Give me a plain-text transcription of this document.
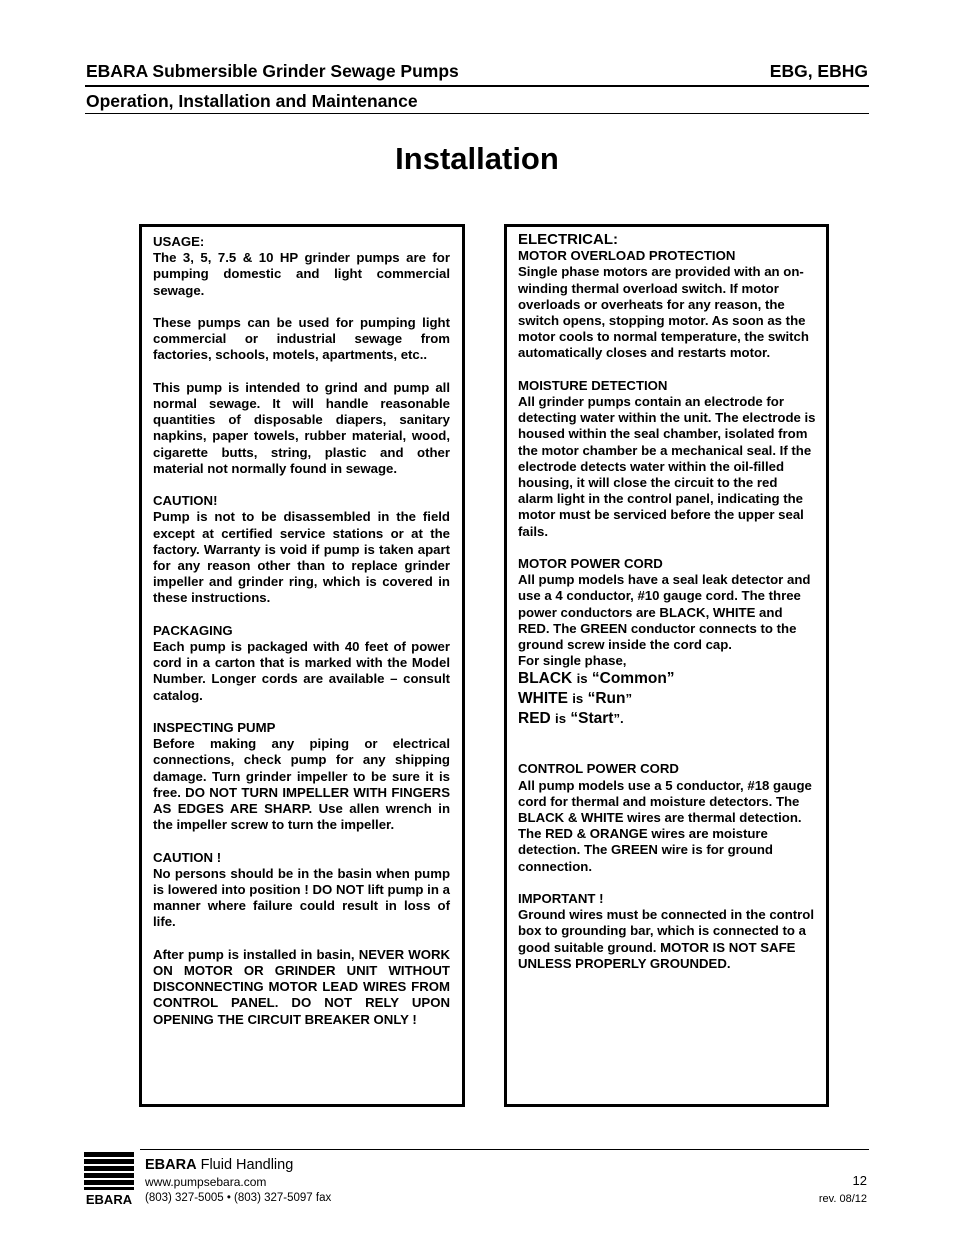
EBARA Submersible Grinder Sewage Pumps	EBG, EBHG
Operation, Installation and Maintenance
Installation

USAGE:
The 3, 5, 7.5 & 10 HP grinder pumps are for pumping domestic and light commercial sewage.

These pumps can be used for pumping light commercial or industrial sewage from factories, schools, motels, apartments, etc..

This pump is intended to grind and pump all normal sewage. It will handle reasonable quantities of disposable diapers, sanitary napkins, paper towels, rubber material, wood, cigarette butts, string, plastic and other material not normally found in sewage.

CAUTION!
Pump is not to be disassembled in the field except at certified service stations or at the factory. Warranty is void if pump is taken apart for any reason other than to replace grinder impeller and grinder ring, which is covered in these instructions.

PACKAGING
Each pump is packaged with 40 feet of power cord in a carton that is marked with the Model Number. Longer cords are available – consult catalog.

INSPECTING PUMP
Before making any piping or electrical connections, check pump for any shipping damage. Turn grinder impeller to be sure it is free. DO NOT TURN IMPELLER WITH FINGERS AS EDGES ARE SHARP. Use allen wrench in the impeller screw to turn the impeller.

CAUTION !
No persons should be in the basin when pump is lowered into position ! DO NOT lift pump in a manner where failure could result in loss of life.

After pump is installed in basin, NEVER WORK ON MOTOR OR GRINDER UNIT WITHOUT DISCONNECTING MOTOR LEAD WIRES FROM CONTROL PANEL. DO NOT RELY UPON OPENING THE CIRCUIT BREAKER ONLY !

ELECTRICAL:

MOTOR OVERLOAD PROTECTION
Single phase motors are provided with an on-winding thermal overload switch. If motor overloads or overheats for any reason, the switch opens, stopping motor. As soon as the motor cools to normal temperature, the switch automatically closes and restarts motor.

MOISTURE DETECTION
All grinder pumps contain an electrode for detecting water within the unit. The electrode is housed within the seal chamber, isolated from the motor chamber be a mechanical seal. If the electrode detects water within the oil-filled housing, it will close the circuit to the red alarm light in the control panel, indicating the motor must be serviced before the upper seal fails.

MOTOR POWER CORD
All pump models have a seal leak detector and use a 4 conductor, #10 gauge cord. The three power conductors are BLACK, WHITE and RED. The GREEN conductor connects to the ground screw inside the cord cap.
For single phase,

BLACK is “Common”

WHITE is “Run”

RED is “Start”.

CONTROL POWER CORD
All pump models use a 5 conductor, #18 gauge cord for thermal and moisture detectors. The BLACK & WHITE wires are thermal detection. The RED & ORANGE wires are moisture detection. The GREEN wire is for ground connection.

IMPORTANT !
Ground wires must be connected in the control box to grounding bar, which is connected to a good suitable ground. MOTOR IS NOT SAFE UNLESS PROPERLY GROUNDED.

EBARA
EBARA Fluid Handling
www.pumpsebara.com
(803) 327-5005 • (803) 327-5097 fax
12
rev. 08/12
